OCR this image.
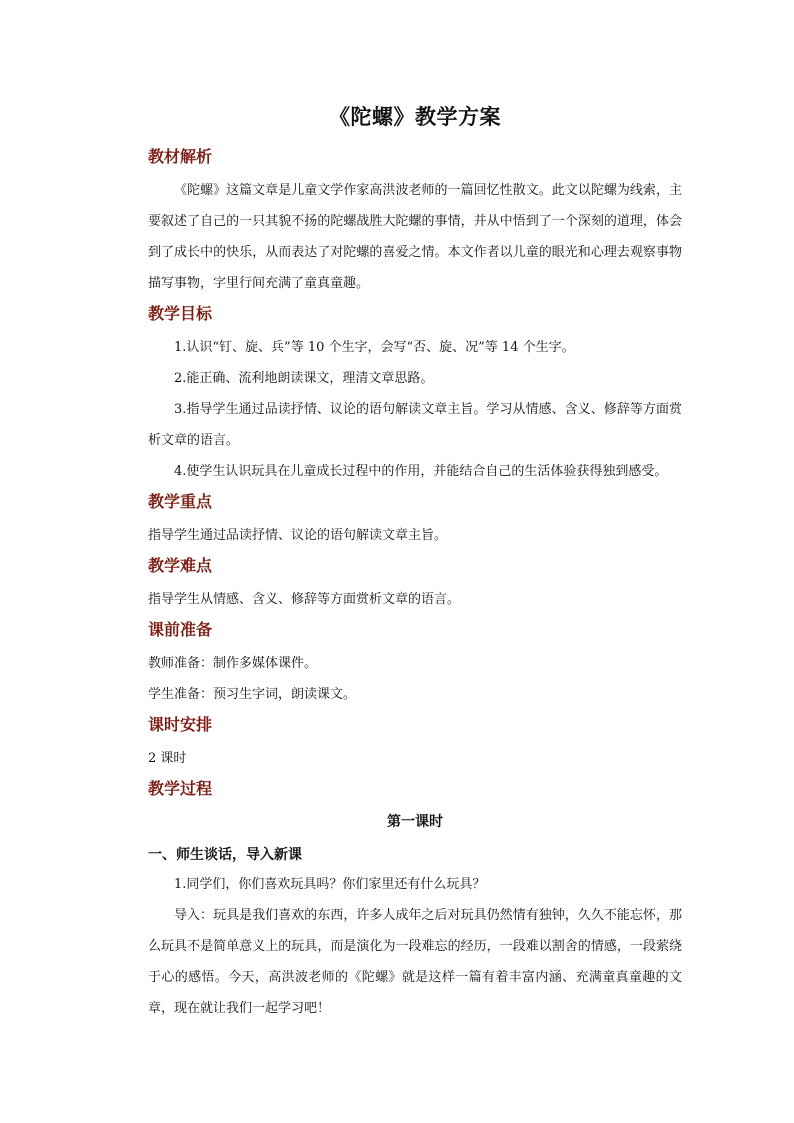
《陀螺》教学方案
教材解析

《陀螺》这篇文章是儿童文学作家高洪波老师的一篇回忆性散文。此文以陀螺为线索，主要叙述了自己的一只其貌不扬的陀螺战胜大陀螺的事情，并从中悟到了一个深刻的道理，体会到了成长中的快乐，从而表达了对陀螺的喜爱之情。本文作者以儿童的眼光和心理去观察事物描写事物，字里行间充满了童真童趣。

教学目标

1.认识“钉、旋、兵”等 10 个生字，会写“否、旋、况”等 14 个生字。

2.能正确、流利地朗读课文，理清文章思路。

3.指导学生通过品读抒情、议论的语句解读文章主旨。学习从情感、含义、修辞等方面赏析文章的语言。

4.使学生认识玩具在儿童成长过程中的作用，并能结合自己的生活体验获得独到感受。

教学重点

指导学生通过品读抒情、议论的语句解读文章主旨。

教学难点

指导学生从情感、含义、修辞等方面赏析文章的语言。

课前准备

教师准备：制作多媒体课件。

学生准备：预习生字词，朗读课文。

课时安排

2 课时

教学过程
第一课时
一、师生谈话，导入新课

1.同学们，你们喜欢玩具吗？你们家里还有什么玩具？

导入：玩具是我们喜欢的东西，许多人成年之后对玩具仍然情有独钟，久久不能忘怀，那么玩具不是简单意义上的玩具，而是演化为一段难忘的经历，一段难以割舍的情感，一段萦绕于心的感悟。今天，高洪波老师的《陀螺》就是这样一篇有着丰富内涵、充满童真童趣的文章，现在就让我们一起学习吧！
